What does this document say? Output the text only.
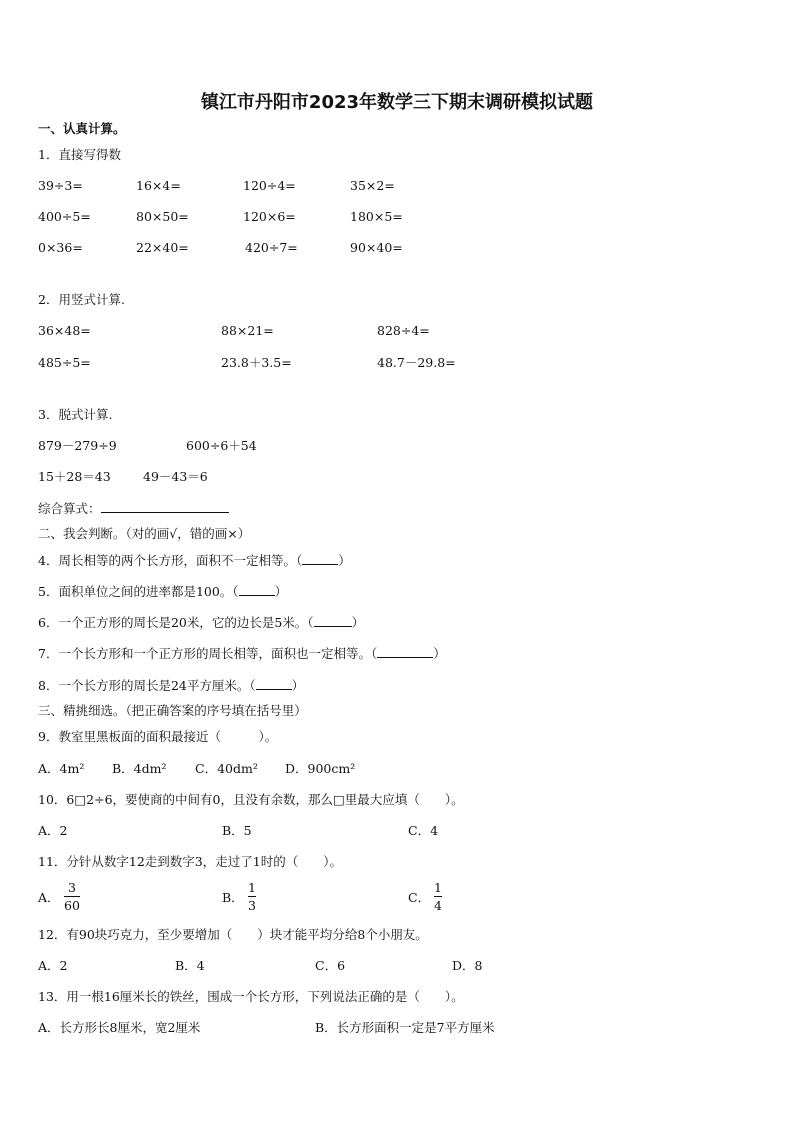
镇江市丹阳市2023年数学三下期末调研模拟试题
一、认真计算。
1．直接写得数
39÷3=	16×4=	120÷4=	35×2=
400÷5=	80×50=	120×6=	180×5=
0×36=	22×40=	420÷7=	90×40=
2．用竖式计算.
36×48=	88×21=	828÷4=
485÷5=	23.8＋3.5=	48.7－29.8=
3．脱式计算.
879－279÷9	600÷6＋54
15＋28＝43	49－43＝6
综合算式：
二、我会判断。（对的画√，错的画×）
4．周长相等的两个长方形，面积不一定相等。（	）
5．面积单位之间的进率都是100。（	）
6．一个正方形的周长是20米，它的边长是5米。（	）
7．一个长方形和一个正方形的周长相等，面积也一定相等。（	）
8．一个长方形的周长是24平方厘米。（	）
三、精挑细选。（把正确答案的序号填在括号里）
9．教室里黑板面的面积最接近（　　　）。
A．4m² B．4dm² C．40dm² D．900cm²
10．6□2÷6，要使商的中间有0，且没有余数，那么□里最大应填（　　）。
A．2	B．5	C．4
11．分针从数字12走到数字3，走过了1时的（　　）。
A．
3
60
B．
1
3
C．
1
4
12．有90块巧克力，至少要增加（　　）块才能平均分给8个小朋友。
A．2	B．4	C．6	D．8
13．用一根16厘米长的铁丝，围成一个长方形，下列说法正确的是（　　）。
A．长方形长8厘米，宽2厘米	B．长方形面积一定是7平方厘米
